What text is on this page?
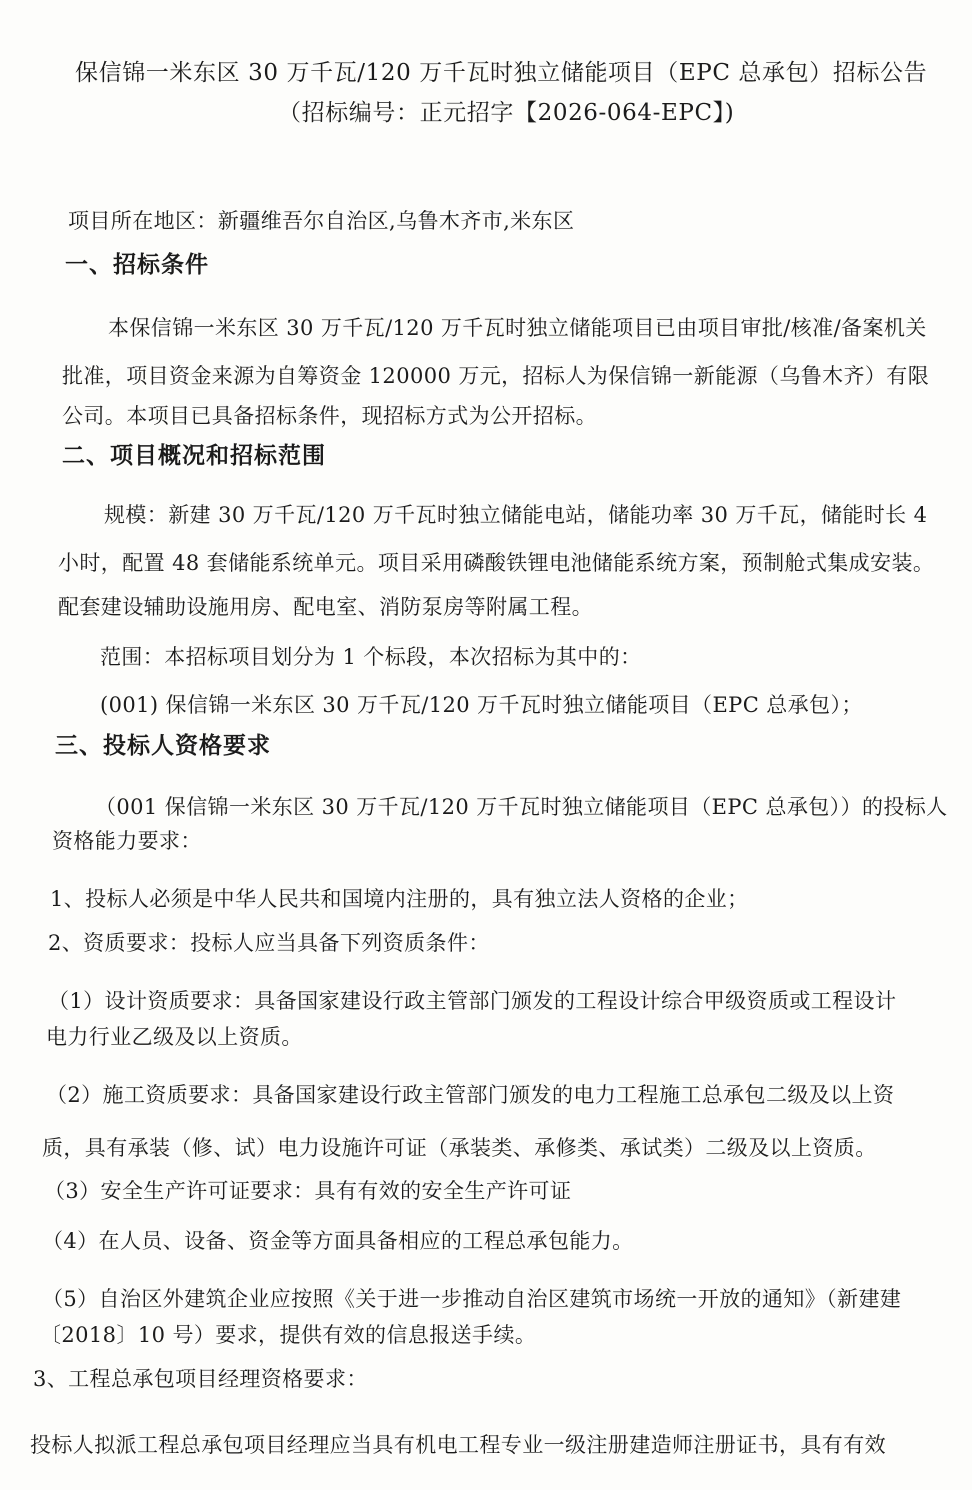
保信锦一米东区 30 万千瓦/120 万千瓦时独立储能项目（EPC 总承包）招标公告
（招标编号：正元招字【2026-064-EPC】)
项目所在地区：新疆维吾尔自治区,乌鲁木齐市,米东区
一、招标条件
本保信锦一米东区 30 万千瓦/120 万千瓦时独立储能项目已由项目审批/核准/备案机关
批准，项目资金来源为自筹资金 120000 万元，招标人为保信锦一新能源（乌鲁木齐）有限
公司。本项目已具备招标条件，现招标方式为公开招标。
二、项目概况和招标范围
规模：新建 30 万千瓦/120 万千瓦时独立储能电站，储能功率 30 万千瓦，储能时长 4
小时，配置 48 套储能系统单元。项目采用磷酸铁锂电池储能系统方案，预制舱式集成安装。
配套建设辅助设施用房、配电室、消防泵房等附属工程。
范围：本招标项目划分为 1 个标段，本次招标为其中的：
(001) 保信锦一米东区 30 万千瓦/120 万千瓦时独立储能项目（EPC 总承包）；
三、投标人资格要求
（001 保信锦一米东区 30 万千瓦/120 万千瓦时独立储能项目（EPC 总承包））的投标人
资格能力要求：
1、投标人必须是中华人民共和国境内注册的，具有独立法人资格的企业；
2、资质要求：投标人应当具备下列资质条件：
（1）设计资质要求：具备国家建设行政主管部门颁发的工程设计综合甲级资质或工程设计
电力行业乙级及以上资质。
（2）施工资质要求：具备国家建设行政主管部门颁发的电力工程施工总承包二级及以上资
质，具有承装（修、试）电力设施许可证（承装类、承修类、承试类）二级及以上资质。
（3）安全生产许可证要求：具有有效的安全生产许可证
（4）在人员、设备、资金等方面具备相应的工程总承包能力。
（5）自治区外建筑企业应按照《关于进一步推动自治区建筑市场统一开放的通知》（新建建
〔2018〕10 号）要求，提供有效的信息报送手续。
3、工程总承包项目经理资格要求：
投标人拟派工程总承包项目经理应当具有机电工程专业一级注册建造师注册证书，具有有效
